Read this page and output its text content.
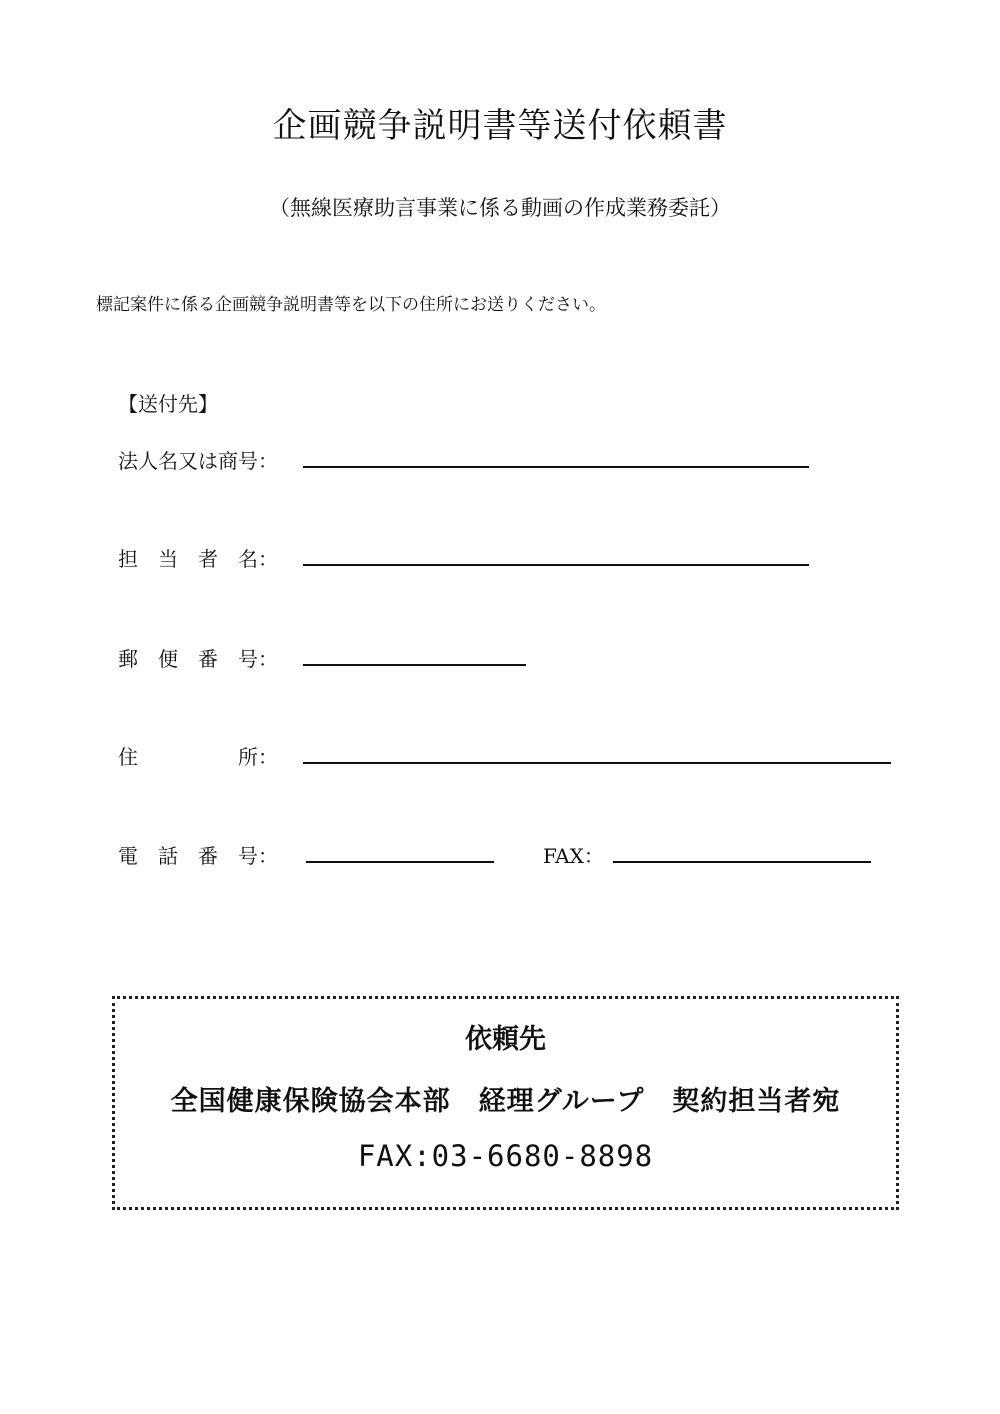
企画競争説明書等送付依頼書
（無線医療助言事業に係る動画の作成業務委託）
標記案件に係る企画競争説明書等を以下の住所にお送りください。
【送付先】
法人名又は商号：
担　当　者　名：
郵　便　番　号：
住　　　　　所：
電　話　番　号：	FAX：
依頼先
全国健康保険協会本部　経理グループ　契約担当者宛
FAX:03-6680-8898
